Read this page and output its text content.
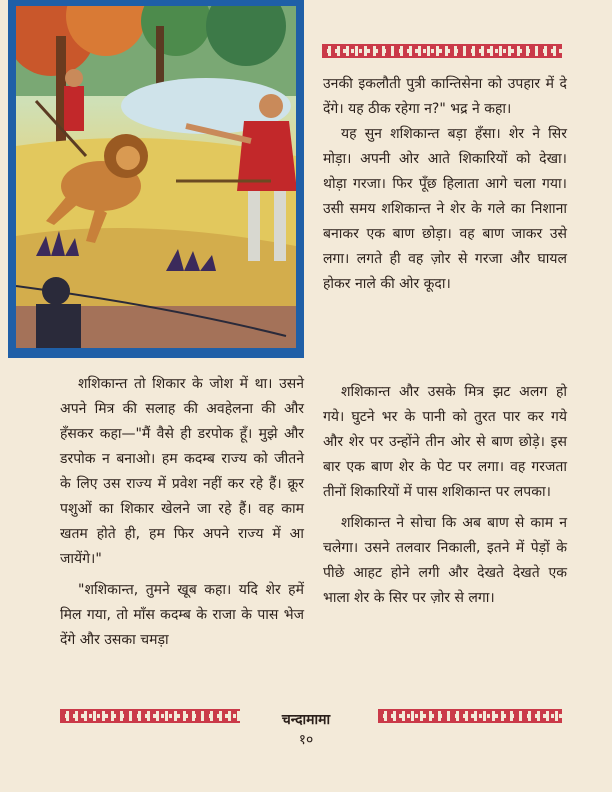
उनकी इकलौती पुत्री कान्तिसेना को उपहार में दे देंगे। यह ठीक रहेगा न?" भद्र ने कहा।

यह सुन शशिकान्त बड़ा हँसा। शेर ने सिर मोड़ा। अपनी ओर आते शिकारियों को देखा। थोड़ा गरजा। फिर पूँछ हिलाता आगे चला गया। उसी समय शशिकान्त ने शेर के गले का निशाना बनाकर एक बाण छोड़ा। वह बाण जाकर उसे लगा। लगते ही वह ज़ोर से गरजा और घायल होकर नाले की ओर कूदा।

शशिकान्त और उसके मित्र झट अलग हो गये। घुटने भर के पानी को तुरत पार कर गये और शेर पर उन्होंने तीन ओर से बाण छोड़े। इस बार एक बाण शेर के पेट पर लगा। वह गरजता तीनों शिकारियों में पास शशिकान्त पर लपका।

शशिकान्त ने सोचा कि अब बाण से काम न चलेगा। उसने तलवार निकाली, इतने में पेड़ों के पीछे आहट होने लगी और देखते देखते एक भाला शेर के सिर पर ज़ोर से लगा।

शशिकान्त तो शिकार के जोश में था। उसने अपने मित्र की सलाह की अवहेलना की और हँसकर कहा—"मैं वैसे ही डरपोक हूँ। मुझे और डरपोक न बनाओ। हम कदम्ब राज्य को जीतने के लिए उस राज्य में प्रवेश नहीं कर रहे हैं। क्रूर पशुओं का शिकार खेलने जा रहे हैं। वह काम खतम होते ही, हम फिर अपने राज्य में आ जायेंगे।"

"शशिकान्त, तुमने खूब कहा। यदि शेर हमें मिल गया, तो माँस कदम्ब के राजा के पास भेज देंगे और उसका चमड़ा

चन्दामामा
१०
